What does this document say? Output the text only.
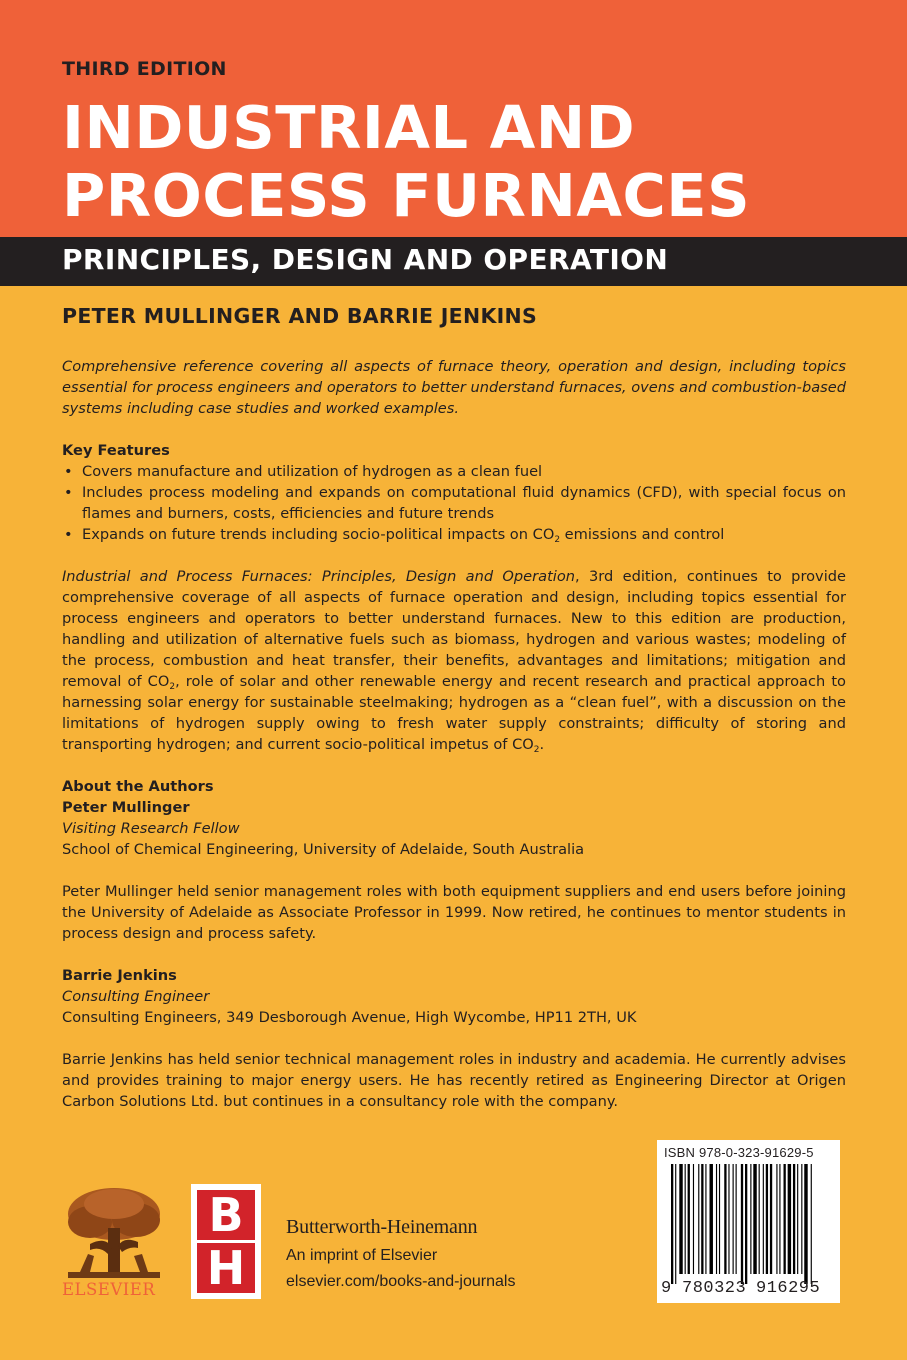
THIRD EDITION

INDUSTRIAL AND
PROCESS FURNACES
PRINCIPLES, DESIGN AND OPERATION

PETER MULLINGER AND BARRIE JENKINS

Comprehensive reference covering all aspects of furnace theory, operation and design, including topics essential for process engineers and operators to better understand furnaces, ovens and combustion-based systems including case studies and worked examples.

Key Features

• Covers manufacture and utilization of hydrogen as a clean fuel
• Includes process modeling and expands on computational fluid dynamics (CFD), with special focus on flames and burners, costs, efficiencies and future trends
• Expands on future trends including socio-political impacts on $CO_2$ emissions and control

Industrial and Process Furnaces: Principles, Design and Operation, 3rd edition, continues to provide comprehensive coverage of all aspects of furnace operation and design, including topics essential for process engineers and operators to better understand furnaces. New to this edition are production, handling and utilization of alternative fuels such as biomass, hydrogen and various wastes; modeling of the process, combustion and heat transfer, their benefits, advantages and limitations; mitigation and removal of $CO_2$, role of solar and other renewable energy and recent research and practical approach to harnessing solar energy for sustainable steelmaking; hydrogen as a “clean fuel”, with a discussion on the limitations of hydrogen supply owing to fresh water supply constraints; difficulty of storing and transporting hydrogen; and current socio-political impetus of $CO_2$.

About the Authors

Peter Mullinger

Visiting Research Fellow

School of Chemical Engineering, University of Adelaide, South Australia

Peter Mullinger held senior management roles with both equipment suppliers and end users before joining the University of Adelaide as Associate Professor in 1999. Now retired, he continues to mentor students in process design and process safety.

Barrie Jenkins

Consulting Engineer

Consulting Engineers, 349 Desborough Avenue, High Wycombe, HP11 2TH, UK

Barrie Jenkins has held senior technical management roles in industry and academia. He currently advises and provides training to major energy users. He has recently retired as Engineering Director at Origen Carbon Solutions Ltd. but continues in a consultancy role with the company.

ELSEVIER

B
H

Butterworth-Heinemann

An imprint of Elsevier

elsevier.com/books-and-journals

ISBN 978-0-323-91629-5

9 780323 916295
